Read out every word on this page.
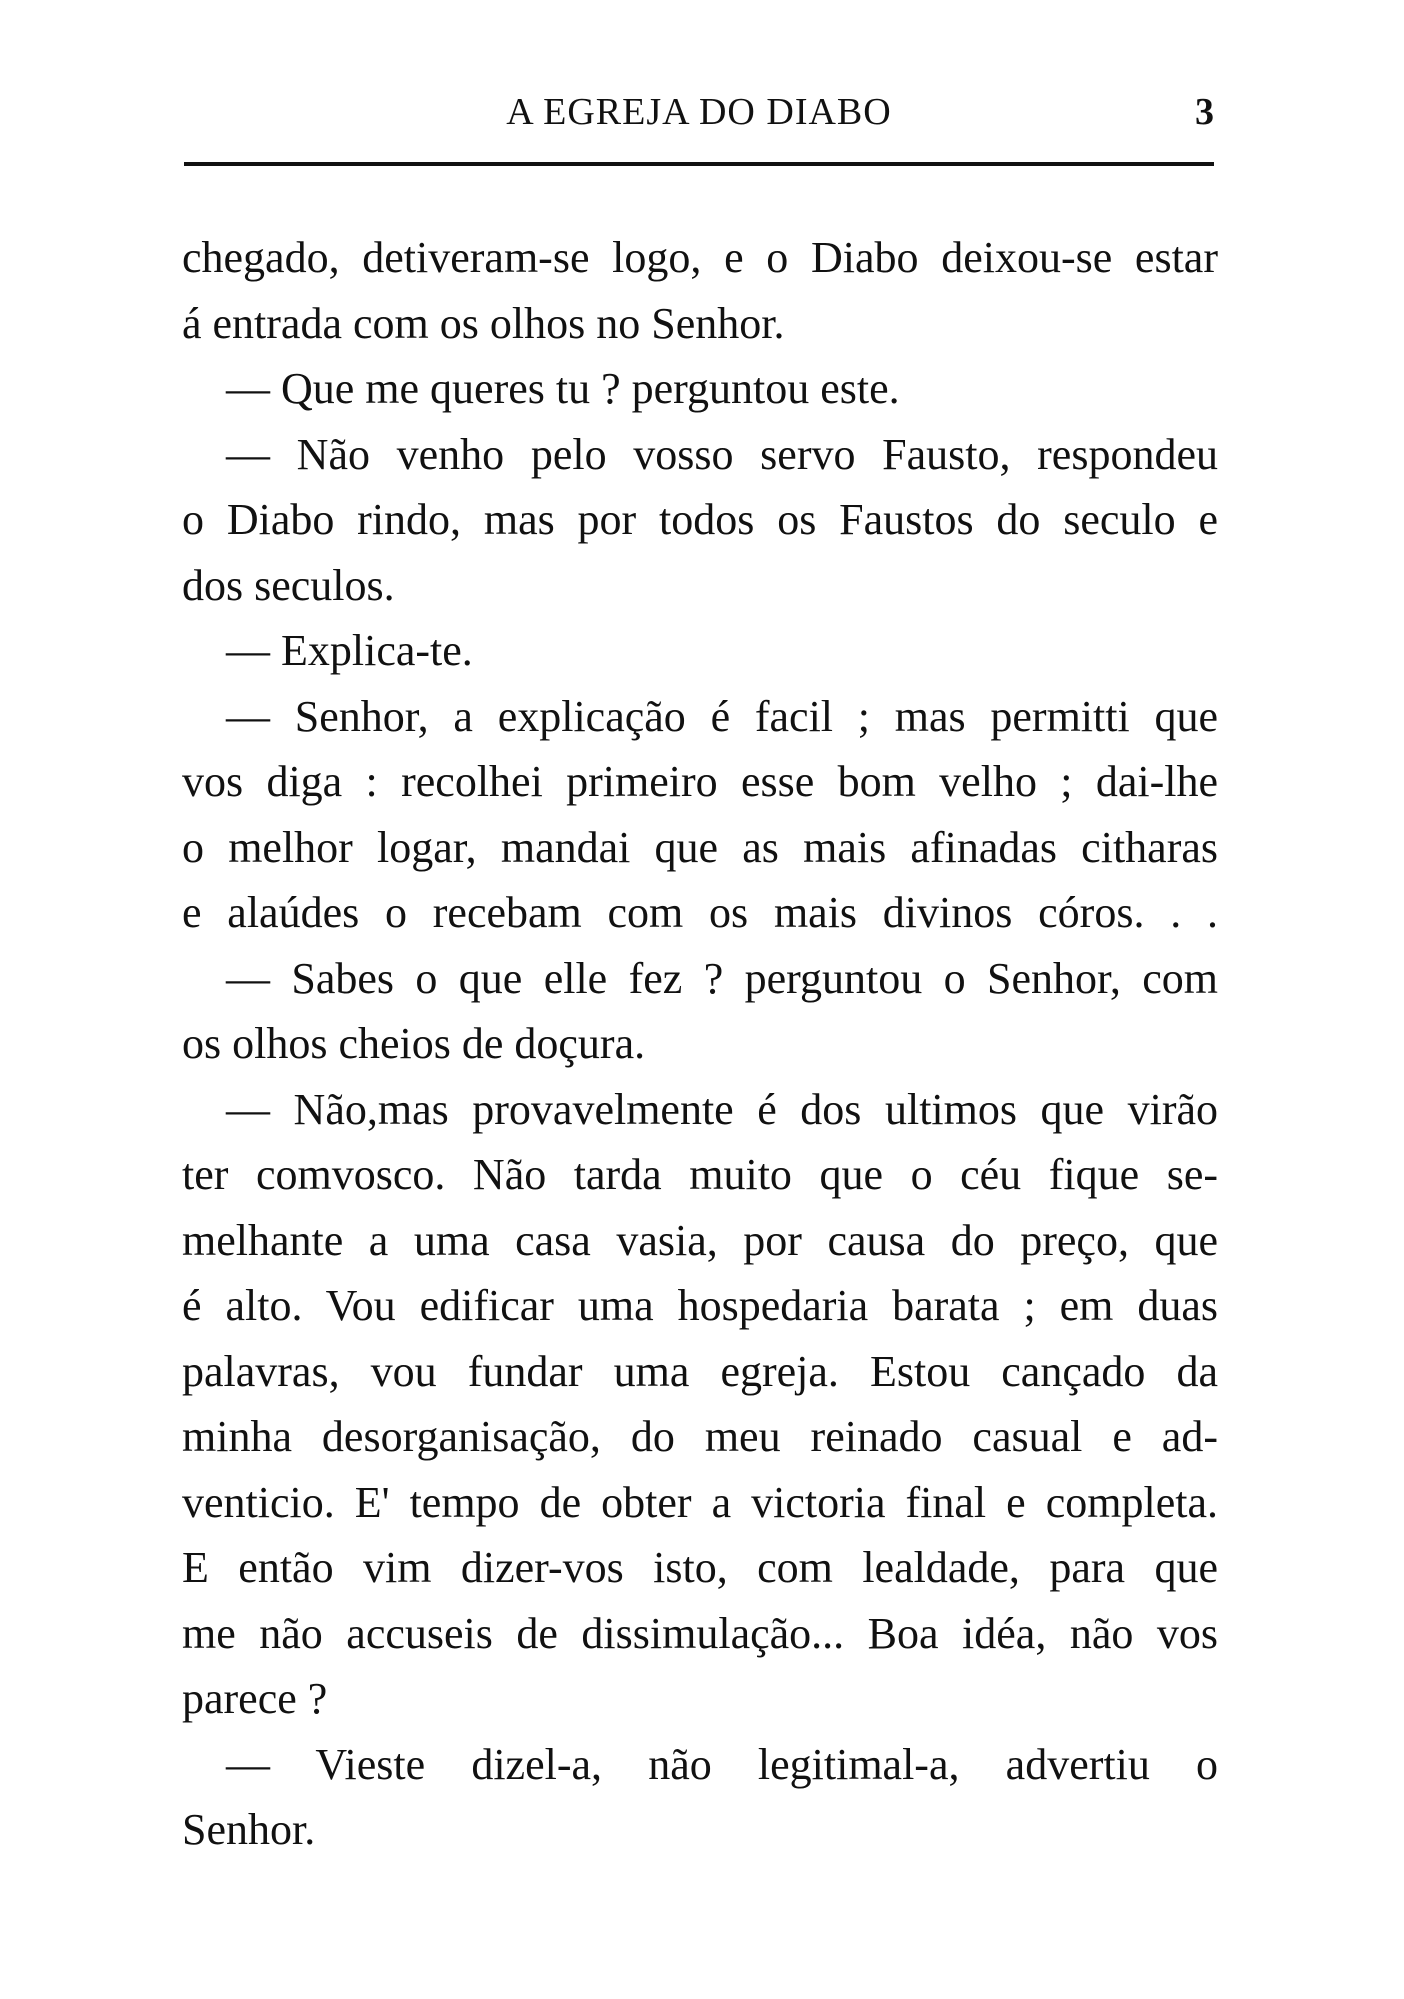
A EGREJA DO DIABO	3
chegado, detiveram-se logo, e o Diabo deixou-se estar
á entrada com os olhos no Senhor.
— Que me queres tu ? perguntou este.
— Não venho pelo vosso servo Fausto, respondeu
o Diabo rindo, mas por todos os Faustos do seculo e
dos seculos.
— Explica-te.
— Senhor, a explicação é facil ; mas permitti que
vos diga : recolhei primeiro esse bom velho ; dai-lhe
o melhor logar, mandai que as mais afinadas citharas
e alaúdes o recebam com os mais divinos córos. . .
— Sabes o que elle fez ? perguntou o Senhor, com
os olhos cheios de doçura.
— Não,mas provavelmente é dos ultimos que virão
ter comvosco. Não tarda muito que o céu fique se-
melhante a uma casa vasia, por causa do preço, que
é alto. Vou edificar uma hospedaria barata ; em duas
palavras, vou fundar uma egreja. Estou cançado da
minha desorganisação, do meu reinado casual e ad-
venticio. E' tempo de obter a victoria final e completa.
E então vim dizer-vos isto, com lealdade, para que
me não accuseis de dissimulação... Boa idéa, não vos
parece ?
— Vieste dizel-a, não legitimal-a, advertiu o
Senhor.
